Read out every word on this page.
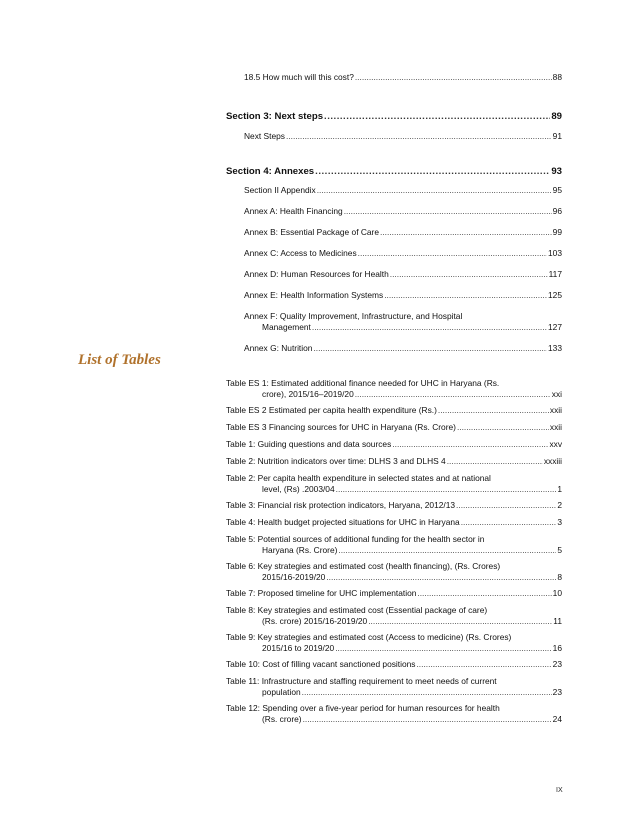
18.5 How much will this cost? .....	88
Section 3: Next steps .....	89
Next Steps .....	91
Section 4: Annexes .....	93
Section II Appendix .....	95
Annex A: Health Financing .....	96
Annex B: Essential Package of Care .....	99
Annex C: Access to Medicines .....	103
Annex D: Human Resources for Health .....	117
Annex E: Health Information Systems .....	125
Annex F: Quality Improvement, Infrastructure, and Hospital
Management .....	127
Annex G: Nutrition .....	133
List of Tables
Table ES 1: Estimated additional finance needed for UHC in Haryana (Rs.
crore), 2015/16–2019/20 .....	xxi
Table ES 2 Estimated per capita health expenditure (Rs.) .....	xxii
Table ES 3 Financing sources for UHC in Haryana (Rs. Crore) .....	xxii
Table 1: Guiding questions and data sources .....	xxv
Table 2: Nutrition indicators over time: DLHS 3 and DLHS 4 .....	xxxiii
Table 2: Per capita health expenditure in selected states and at national
level, (Rs) .2003/04 .....	1
Table 3: Financial risk protection indicators, Haryana, 2012/13 .....	2
Table 4: Health budget projected situations for UHC in Haryana .....	3
Table 5: Potential sources of additional funding for the health sector in
Haryana (Rs. Crore) .....	5
Table 6: Key strategies and estimated cost (health financing), (Rs. Crores)
2015/16-2019/20 .....	8
Table 7: Proposed timeline for UHC implementation .....	10
Table 8: Key strategies and estimated cost (Essential package of care)
(Rs. crore) 2015/16-2019/20 .....	11
Table 9: Key strategies and estimated cost (Access to medicine) (Rs. Crores)
2015/16 to 2019/20 .....	16
Table 10: Cost of filling vacant sanctioned positions .....	23
Table 11: Infrastructure and staffing requirement to meet needs of current
population .....	23
Table 12: Spending over a five-year period for human resources for health
(Rs. crore) .....	24
IX
